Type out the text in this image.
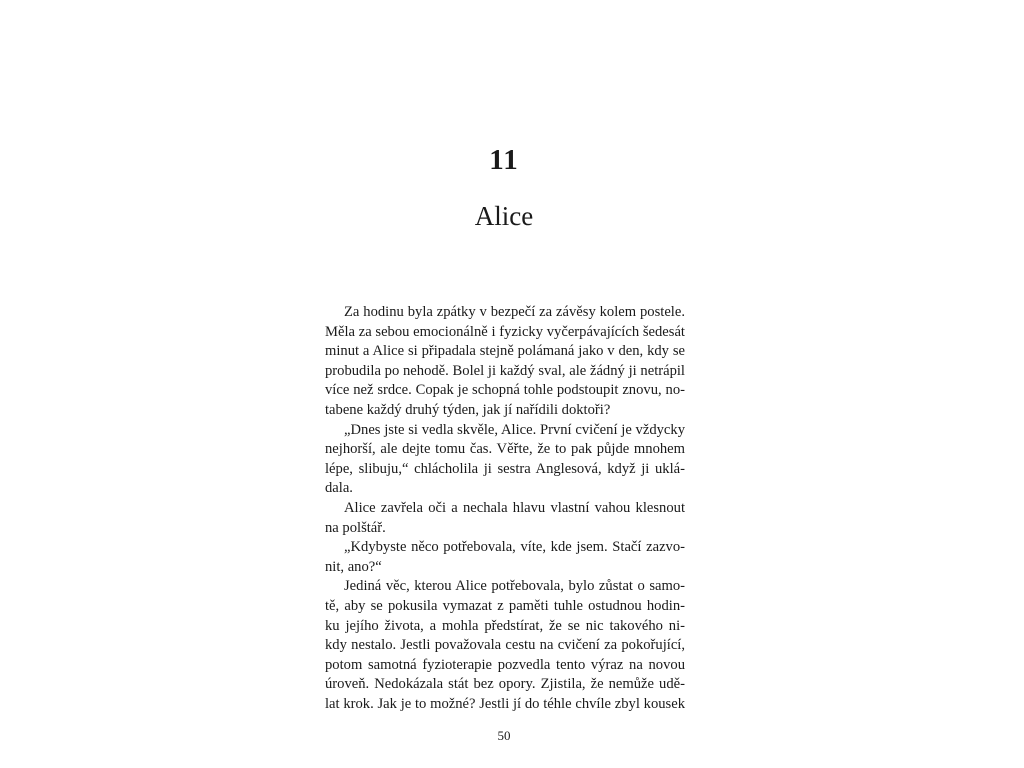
11
Alice
Za hodinu byla zpátky v bezpečí za závěsy kolem postele.
Měla za sebou emocionálně i fyzicky vyčerpávajících šedesát
minut a Alice si připadala stejně polámaná jako v den, kdy se
probudila po nehodě. Bolel ji každý sval, ale žádný ji netrápil
více než srdce. Copak je schopná tohle podstoupit znovu, no-
tabene každý druhý týden, jak jí nařídili doktoři?
„Dnes jste si vedla skvěle, Alice. První cvičení je vždycky
nejhorší, ale dejte tomu čas. Věřte, že to pak půjde mnohem
lépe, slibuju,“ chlácholila ji sestra Anglesová, když ji uklá-
dala.
Alice zavřela oči a nechala hlavu vlastní vahou klesnout
na polštář.
„Kdybyste něco potřebovala, víte, kde jsem. Stačí zazvo-
nit, ano?“
Jediná věc, kterou Alice potřebovala, bylo zůstat o samo-
tě, aby se pokusila vymazat z paměti tuhle ostudnou hodin-
ku jejího života, a mohla předstírat, že se nic takového ni-
kdy nestalo. Jestli považovala cestu na cvičení za pokořující,
potom samotná fyzioterapie pozvedla tento výraz na novou
úroveň. Nedokázala stát bez opory. Zjistila, že nemůže udě-
lat krok. Jak je to možné? Jestli jí do téhle chvíle zbyl kousek
50
